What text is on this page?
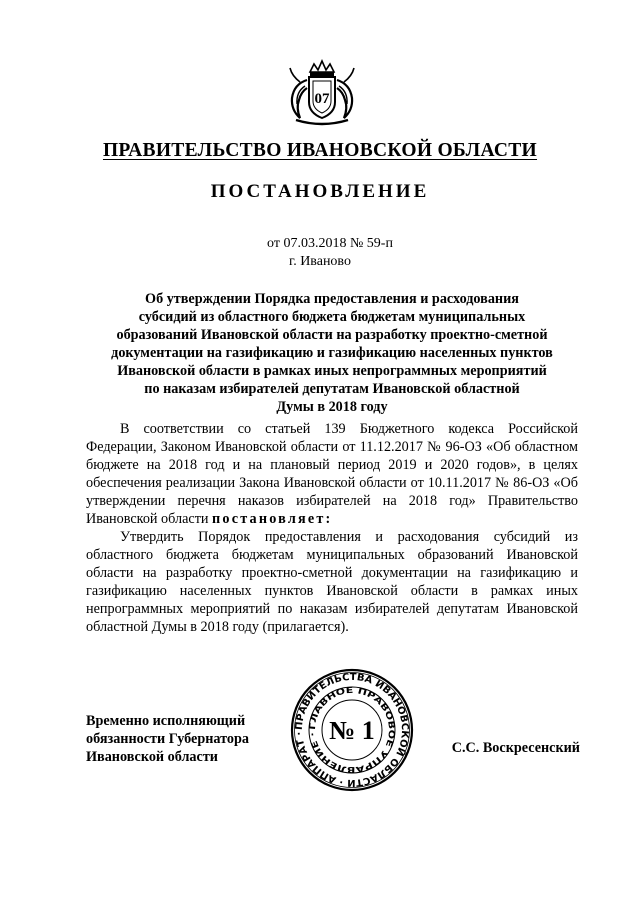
07
ПРАВИТЕЛЬСТВО ИВАНОВСКОЙ ОБЛАСТИ
ПОСТАНОВЛЕНИЕ
от 07.03.2018 № 59-п
г. Иваново
Об утверждении Порядка предоставления и расходования
субсидий из областного бюджета бюджетам муниципальных
образований Ивановской области на разработку проектно-сметной
документации на газификацию и газификацию населенных пунктов
Ивановской области в рамках иных непрограммных мероприятий
по наказам избирателей депутатам Ивановской областной
Думы в 2018 году

В соответствии со статьей 139 Бюджетного кодекса Российской Федерации, Законом Ивановской области от 11.12.2017 № 96-ОЗ «Об областном бюджете на 2018 год и на плановый период 2019 и 2020 годов», в целях обеспечения реализации Закона Ивановской области от 10.11.2017 № 86-ОЗ «Об утверждении перечня наказов избирателей на 2018 год» Правительство Ивановской области постановляет:

Утвердить Порядок предоставления и расходования субсидий из областного бюджета бюджетам муниципальных образований Ивановской области на разработку проектно-сметной документации на газификацию и газификацию населенных пунктов Ивановской области в рамках иных непрограммных мероприятий по наказам избирателей депутатам Ивановской областной Думы в 2018 году (прилагается).

Временно исполняющий
обязанности Губернатора
Ивановской области
ПРАВИТЕЛЬСТВА ИВАНОВСКОЙ ОБЛАСТИ · АППАРАТ ·
ГЛАВНОЕ ПРАВОВОЕ УПРАВЛЕНИЕ · № 1
С.С. Воскресенский
